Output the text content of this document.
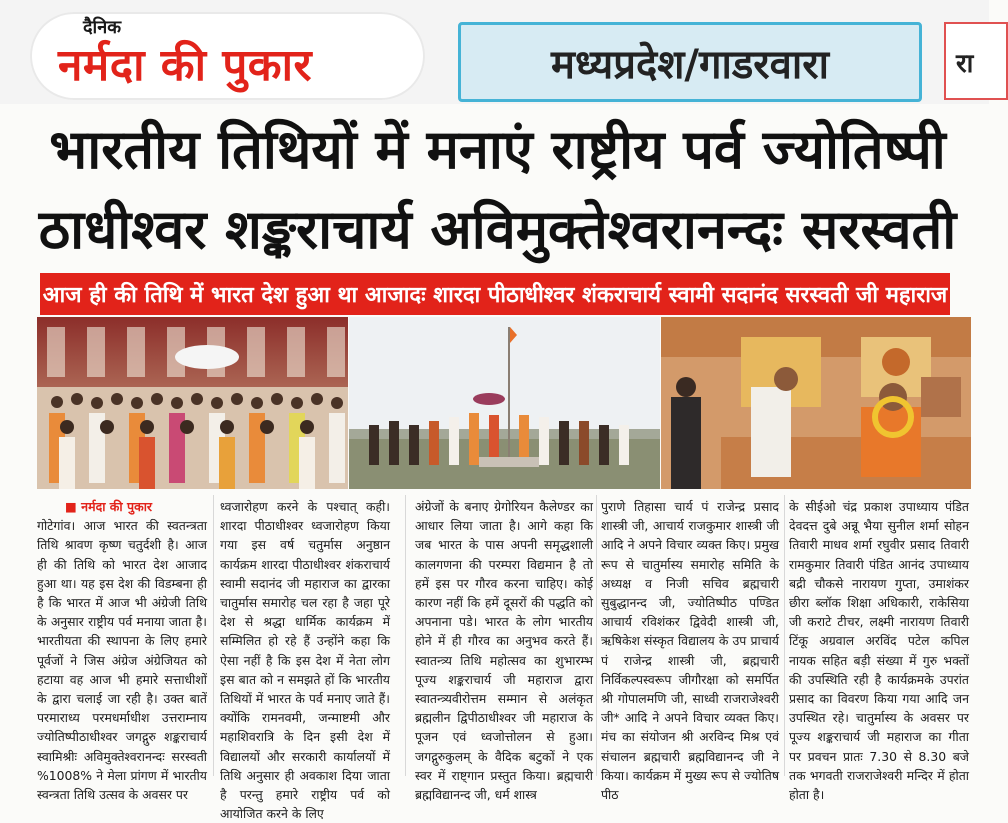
दैनिक
नर्मदा की पुकार	मध्यप्रदेश/गाडरवारा	रा
भारतीय तिथियों में मनाएं राष्ट्रीय पर्व ज्योतिष्पी
ठाधीश्वर शङ्कराचार्य अविमुक्तेश्वरानन्दः सरस्वती
आज ही की तिथि में भारत देश हुआ था आजादः शारदा पीठाधीश्वर शंकराचार्य स्वामी सदानंद सरस्वती जी महाराज
■ नर्मदा की पुकार

गोटेगांव। आज भारत की स्वतन्त्रता तिथि श्रावण कृष्ण चतुर्दशी है। आज ही की तिथि को भारत देश आजाद हुआ था। यह इस देश की विडम्बना ही है कि भारत में आज भी अंग्रेजी तिथि के अनुसार राष्ट्रीय पर्व मनाया जाता है। भारतीयता की स्थापना के लिए हमारे पूर्वजों ने जिस अंग्रेज अंग्रेजियत को हटाया वह आज भी हमारे सत्ताधीशों के द्वारा चलाई जा रही है। उक्त बातें परमाराध्य परमधर्माधीश उत्तराम्नाय ज्योतिष्पीठाधीश्वर जगद्गुरु शङ्कराचार्य स्वामिश्रीः अविमुक्तेश्वरानन्दः सरस्वती %1008% ने मेला प्रांगण में भारतीय स्वन्त्रता तिथि उत्सव के अवसर पर

ध्वजारोहण करने के पश्चात् कही। शारदा पीठाधीश्वर ध्वजारोहण किया गया इस वर्ष चतुर्मास अनुष्ठान कार्यक्रम शारदा पीठाधीश्वर शंकराचार्य स्वामी सदानंद जी महाराज का द्वारका चातुर्मास समारोह चल रहा है जहा पूरे देश से श्रद्धा धार्मिक कार्यक्रम में सम्मिलित हो रहे हैं उन्होंने कहा कि ऐसा नहीं है कि इस देश में नेता लोग इस बात को न समझते हों कि भारतीय तिथियों में भारत के पर्व मनाए जाते हैं। क्योंकि रामनवमी, जन्माष्टमी और महाशिवरात्रि के दिन इसी देश में विद्यालयों और सरकारी कार्यालयों में तिथि अनुसार ही अवकाश दिया जाता है परन्तु हमारे राष्ट्रीय पर्व को आयोजित करने के लिए

अंग्रेजों के बनाए ग्रेगोरियन कैलेण्डर का आधार लिया जाता है। आगे कहा कि जब भारत के पास अपनी समृद्धशाली कालगणना की परम्परा विद्यमान है तो हमें इस पर गौरव करना चाहिए। कोई कारण नहीं कि हमें दूसरों की पद्धति को अपनाना पडे। भारत के लोग भारतीय होने में ही गौरव का अनुभव करते हैं। स्वातन्त्र्य तिथि महोत्सव का शुभारम्भ पूज्य शङ्कराचार्य जी महाराज द्वारा स्वातन्त्र्यवीरोत्तम सम्मान से अलंकृत ब्रह्मलीन द्विपीठाधीश्वर जी महाराज के पूजन एवं ध्वजोत्तोलन से हुआ। जगद्गुरुकुलम् के वैदिक बटुकों ने एक स्वर में राष्ट्गान प्रस्तुत किया। ब्रह्मचारी ब्रह्मविद्यानन्द जी, धर्म शास्त्र

पुराणे तिहासा चार्य पं राजेन्द्र प्रसाद शास्त्री जी, आचार्य राजकुमार शास्त्री जी आदि ने अपने विचार व्यक्त किए। प्रमुख रूप से चातुर्मास्य समारोह समिति के अध्यक्ष व निजी सचिव ब्रह्मचारी सुबुद्धानन्द जी, ज्योतिष्पीठ पण्डित आचार्य रविशंकर द्विवेदी शास्त्री जी, ऋषिकेश संस्कृत विद्यालय के उप प्राचार्य पं राजेन्द्र शास्त्री जी, ब्रह्मचारी निर्विकल्पस्वरूप जीगौरक्षा को समर्पित श्री गोपालमणि जी, साध्वी राजराजेश्वरी जी* आदि ने अपने विचार व्यक्त किए। मंच का संयोजन श्री अरविन्द मिश्र एवं संचालन ब्रह्मचारी ब्रह्मविद्यानन्द जी ने किया। कार्यक्रम में मुख्य रूप से ज्योतिष पीठ

के सीईओ चंद्र प्रकाश उपाध्याय पंडित देवदत्त दुबे अन्नू भैया सुनील शर्मा सोहन तिवारी माधव शर्मा रघुवीर प्रसाद तिवारी रामकुमार तिवारी पंडित आनंद उपाध्याय बद्री चौकसे नारायण गुप्ता, उमाशंकर छीरा ब्लॉक शिक्षा अधिकारी, राकेसिया जी कराटे टीचर, लक्ष्मी नारायण तिवारी टिंकू अग्रवाल अरविंद पटेल कपिल नायक सहित बड़ी संख्या में गुरु भक्तों की उपस्थिति रही है कार्यक्रमके उपरांत प्रसाद का विवरण किया गया आदि जन उपस्थित रहे। चातुर्मास्य के अवसर पर पूज्य शङ्कराचार्य जी महाराज का गीता पर प्रवचन प्रातः 7.30 से 8.30 बजे तक भगवती राजराजेश्वरी मन्दिर में होता होता है।
